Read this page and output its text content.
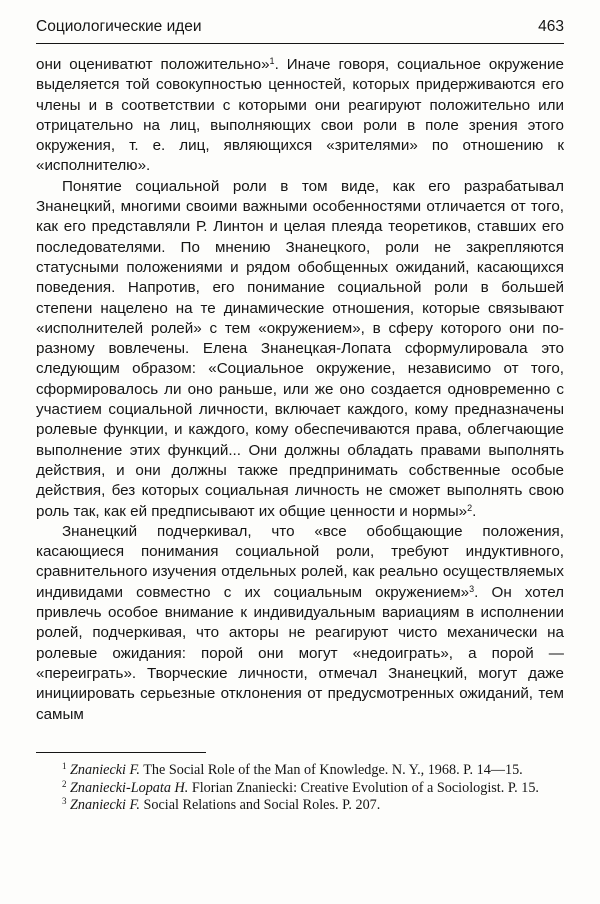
Социологические идеи	463

они оцениватют положительно»$^1$. Иначе говоря, социальное окружение выделяется той совокупностью ценностей, которых придерживаются его члены и в соответствии с которыми они реагируют положительно или отрицательно на лиц, выполняющих свои роли в поле зрения этого окружения, т. е. лиц, являющихся «зрителями» по отношению к «исполнителю».

Понятие социальной роли в том виде, как его разрабатывал Знанецкий, многими своими важными особенностями отличается от того, как его представляли Р. Линтон и целая плеяда теоретиков, ставших его последователями. По мнению Знанецкого, роли не закрепляются статусными положениями и рядом обобщенных ожиданий, касающихся поведения. Напротив, его понимание социальной роли в большей степени нацелено на те динамические отношения, которые связывают «исполнителей ролей» с тем «окружением», в сферу которого они по-разному вовлечены. Елена Знанецкая-Лопата сформулировала это следующим образом: «Социальное окружение, независимо от того, сформировалось ли оно раньше, или же оно создается одновременно с участием социальной личности, включает каждого, кому предназначены ролевые функции, и каждого, кому обеспечиваются права, облегчающие выполнение этих функций... Они должны обладать правами выполнять действия, и они должны также предпринимать собственные особые действия, без которых социальная личность не сможет выполнять свою роль так, как ей предписывают их общие ценности и нормы»$^2$.

Знанецкий подчеркивал, что «все обобщающие положения, касающиеся понимания социальной роли, требуют индуктивного, сравнительного изучения отдельных ролей, как реально осуществляемых индивидами совместно с их социальным окружением»$^3$. Он хотел привлечь особое внимание к индивидуальным вариациям в исполнении ролей, подчеркивая, что акторы не реагируют чисто механически на ролевые ожидания: порой они могут «недоиграть», а порой — «переиграть». Творческие личности, отмечал Знанецкий, могут даже инициировать серьезные отклонения от предусмотренных ожиданий, тем самым

$^1$ Znaniecki F. The Social Role of the Man of Knowledge. N. Y., 1968. P. 14—15.

$^2$ Znaniecki-Lopata H. Florian Znaniecki: Creative Evolution of a Sociologist. P. 15.

$^3$ Znaniecki F. Social Relations and Social Roles. P. 207.
